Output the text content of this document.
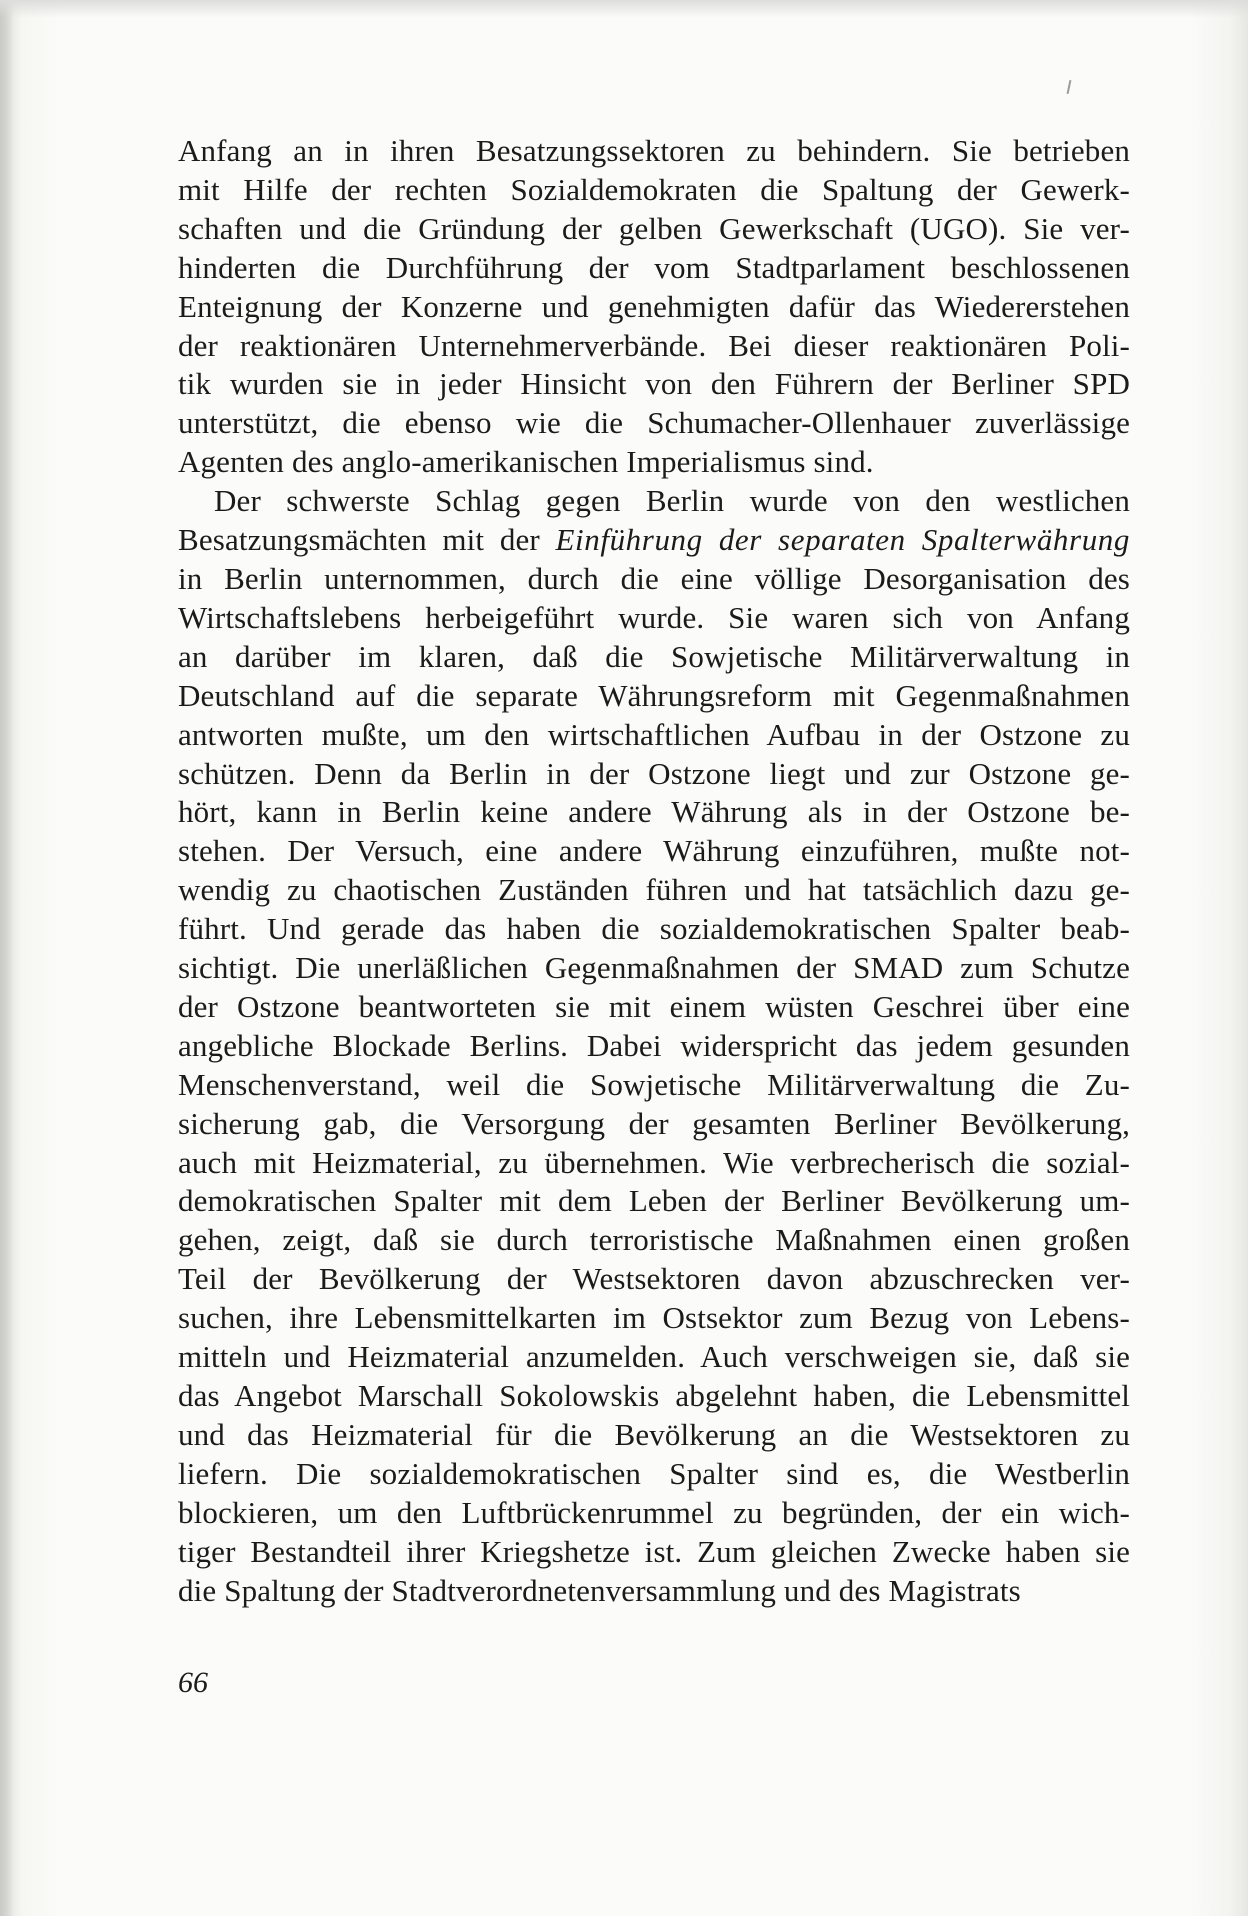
Anfang an in ihren Besatzungssektoren zu behindern. Sie betrieben
mit Hilfe der rechten Sozialdemokraten die Spaltung der Gewerk-
schaften und die Gründung der gelben Gewerkschaft (UGO). Sie ver-
hinderten die Durchführung der vom Stadtparlament beschlossenen
Enteignung der Konzerne und genehmigten dafür das Wiedererstehen
der reaktionären Unternehmerverbände. Bei dieser reaktionären Poli-
tik wurden sie in jeder Hinsicht von den Führern der Berliner SPD
unterstützt, die ebenso wie die Schumacher-Ollenhauer zuverlässige
Agenten des anglo-amerikanischen Imperialismus sind.
Der schwerste Schlag gegen Berlin wurde von den westlichen
Besatzungsmächten mit der Einführung der separaten Spalterwährung
in Berlin unternommen, durch die eine völlige Desorganisation des
Wirtschaftslebens herbeigeführt wurde. Sie waren sich von Anfang
an darüber im klaren, daß die Sowjetische Militärverwaltung in
Deutschland auf die separate Währungsreform mit Gegenmaßnahmen
antworten mußte, um den wirtschaftlichen Aufbau in der Ostzone zu
schützen. Denn da Berlin in der Ostzone liegt und zur Ostzone ge-
hört, kann in Berlin keine andere Währung als in der Ostzone be-
stehen. Der Versuch, eine andere Währung einzuführen, mußte not-
wendig zu chaotischen Zuständen führen und hat tatsächlich dazu ge-
führt. Und gerade das haben die sozialdemokratischen Spalter beab-
sichtigt. Die unerläßlichen Gegenmaßnahmen der SMAD zum Schutze
der Ostzone beantworteten sie mit einem wüsten Geschrei über eine
angebliche Blockade Berlins. Dabei widerspricht das jedem gesunden
Menschenverstand, weil die Sowjetische Militärverwaltung die Zu-
sicherung gab, die Versorgung der gesamten Berliner Bevölkerung,
auch mit Heizmaterial, zu übernehmen. Wie verbrecherisch die sozial-
demokratischen Spalter mit dem Leben der Berliner Bevölkerung um-
gehen, zeigt, daß sie durch terroristische Maßnahmen einen großen
Teil der Bevölkerung der Westsektoren davon abzuschrecken ver-
suchen, ihre Lebensmittelkarten im Ostsektor zum Bezug von Lebens-
mitteln und Heizmaterial anzumelden. Auch verschweigen sie, daß sie
das Angebot Marschall Sokolowskis abgelehnt haben, die Lebensmittel
und das Heizmaterial für die Bevölkerung an die Westsektoren zu
liefern. Die sozialdemokratischen Spalter sind es, die Westberlin
blockieren, um den Luftbrückenrummel zu begründen, der ein wich-
tiger Bestandteil ihrer Kriegshetze ist. Zum gleichen Zwecke haben sie
die Spaltung der Stadtverordnetenversammlung und des Magistrats
66
